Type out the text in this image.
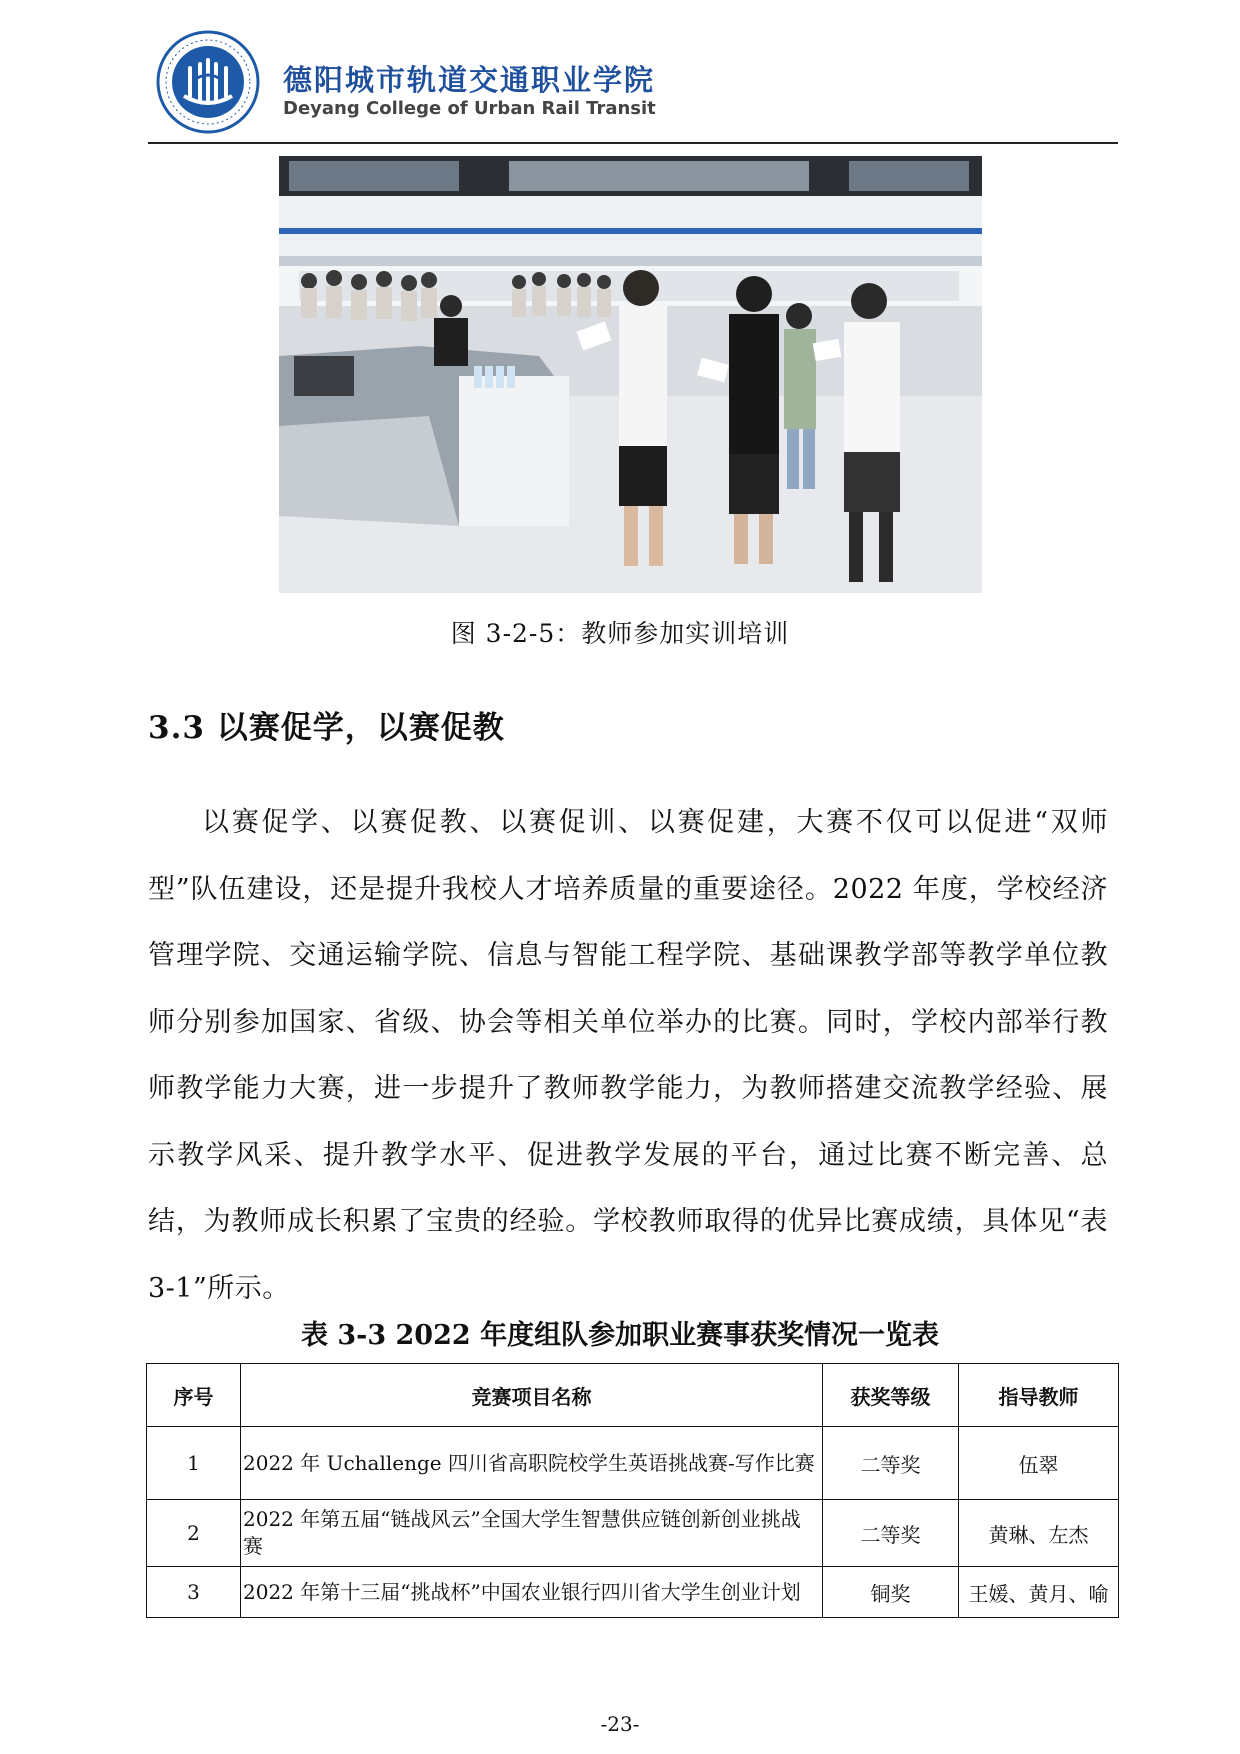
德阳城市轨道交通职业学院
Deyang College of Urban Rail Transit
图 3-2-5：教师参加实训培训
3.3 以赛促学，以赛促教

以赛促学、以赛促教、以赛促训、以赛促建，大赛不仅可以促进“双师型”队伍建设，还是提升我校人才培养质量的重要途径。2022 年度，学校经济管理学院、交通运输学院、信息与智能工程学院、基础课教学部等教学单位教师分别参加国家、省级、协会等相关单位举办的比赛。同时，学校内部举行教师教学能力大赛，进一步提升了教师教学能力，为教师搭建交流教学经验、展示教学风采、提升教学水平、促进教学发展的平台，通过比赛不断完善、总结，为教师成长积累了宝贵的经验。学校教师取得的优异比赛成绩，具体见“表 3-1”所示。

表 3-3 2022 年度组队参加职业赛事获奖情况一览表
序号	竞赛项目名称	获奖等级	指导教师
1	2022 年 Uchallenge 四川省高职院校学生英语挑战赛-写作比赛	二等奖	伍翠
2	2022 年第五届“链战风云”全国大学生智慧供应链创新创业挑战赛	二等奖	黄琳、左杰
3	2022 年第十三届“挑战杯”中国农业银行四川省大学生创业计划	铜奖	王媛、黄月、喻
-23-
